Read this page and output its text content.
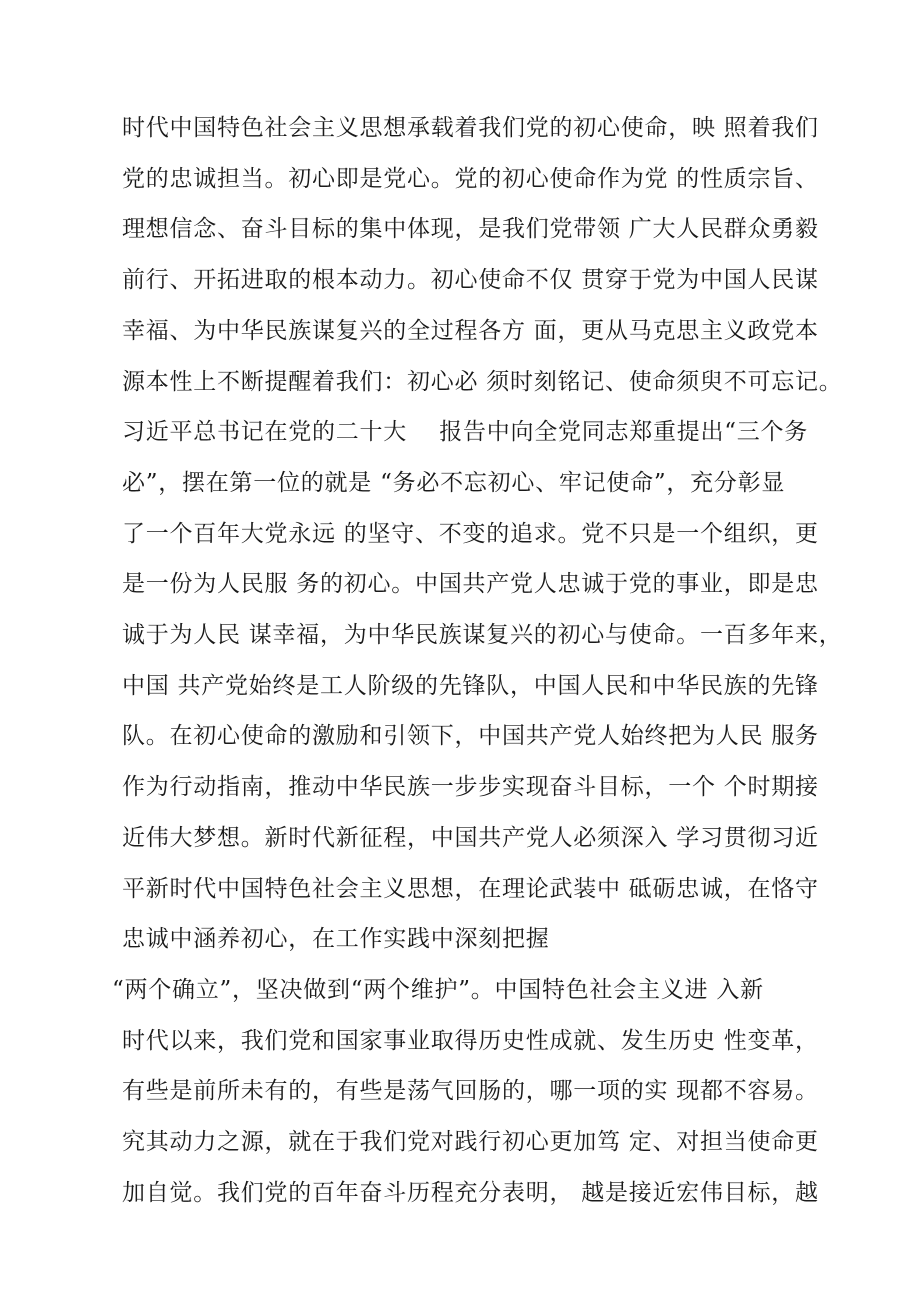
时代中国特色社会主义思想承载着我们党的初心使命，映 照着我们
党的忠诚担当。初心即是党心。党的初心使命作为党 的性质宗旨、
理想信念、奋斗目标的集中体现，是我们党带领 广大人民群众勇毅
前行、开拓进取的根本动力。初心使命不仅 贯穿于党为中国人民谋
幸福、为中华民族谋复兴的全过程各方 面，更从马克思主义政党本
源本性上不断提醒着我们：初心必 须时刻铭记、使命须臾不可忘记。
习近平总书记在党的二十大    报告中向全党同志郑重提出“三个务
必”，摆在第一位的就是 “务必不忘初心、牢记使命”，充分彰显
了一个百年大党永远 的坚守、不变的追求。党不只是一个组织，更
是一份为人民服 务的初心。中国共产党人忠诚于党的事业，即是忠
诚于为人民 谋幸福，为中华民族谋复兴的初心与使命。一百多年来，
中国 共产党始终是工人阶级的先锋队，中国人民和中华民族的先锋
队。在初心使命的激励和引领下，中国共产党人始终把为人民 服务
作为行动指南，推动中华民族一步步实现奋斗目标，一个 个时期接
近伟大梦想。新时代新征程，中国共产党人必须深入 学习贯彻习近
平新时代中国特色社会主义思想，在理论武装中 砥砺忠诚，在恪守
忠诚中涵养初心，在工作实践中深刻把握
“两个确立”，坚决做到“两个维护”。中国特色社会主义进 入新
时代以来，我们党和国家事业取得历史性成就、发生历史 性变革，
有些是前所未有的，有些是荡气回肠的，哪一项的实 现都不容易。
究其动力之源，就在于我们党对践行初心更加笃 定、对担当使命更
加自觉。我们党的百年奋斗历程充分表明， 越是接近宏伟目标，越
